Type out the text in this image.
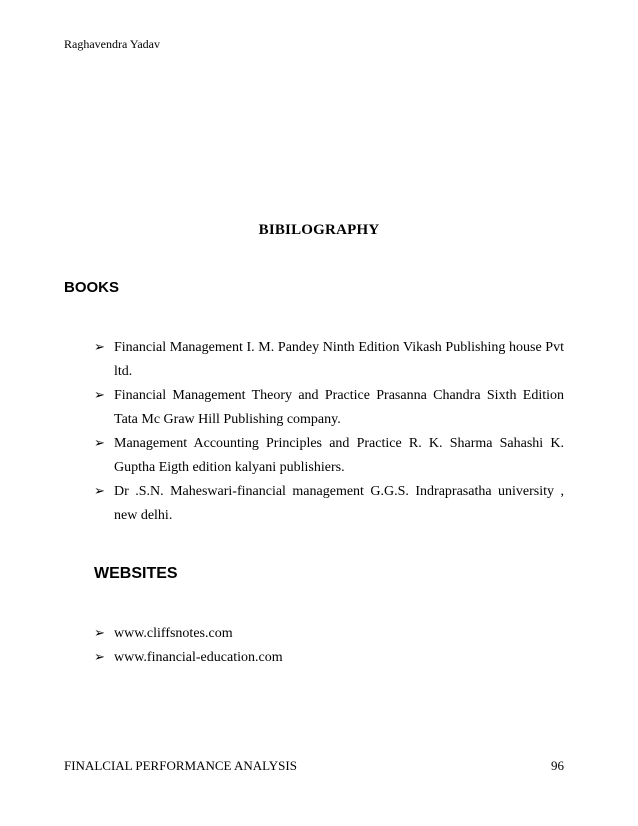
Raghavendra Yadav
BIBILOGRAPHY
BOOKS
➢ Financial Management I. M. Pandey Ninth Edition Vikash Publishing house Pvt ltd.
➢ Financial Management Theory and Practice Prasanna Chandra Sixth Edition Tata Mc Graw Hill Publishing company.
➢ Management Accounting Principles and Practice R. K. Sharma Sahashi K. Guptha Eigth edition kalyani publishiers.
➢ Dr .S.N. Maheswari-financial management G.G.S. Indraprasatha university , new delhi.
WEBSITES
➢ www.cliffsnotes.com
➢ www.financial-education.com
FINALCIAL PERFORMANCE ANALYSIS	96
